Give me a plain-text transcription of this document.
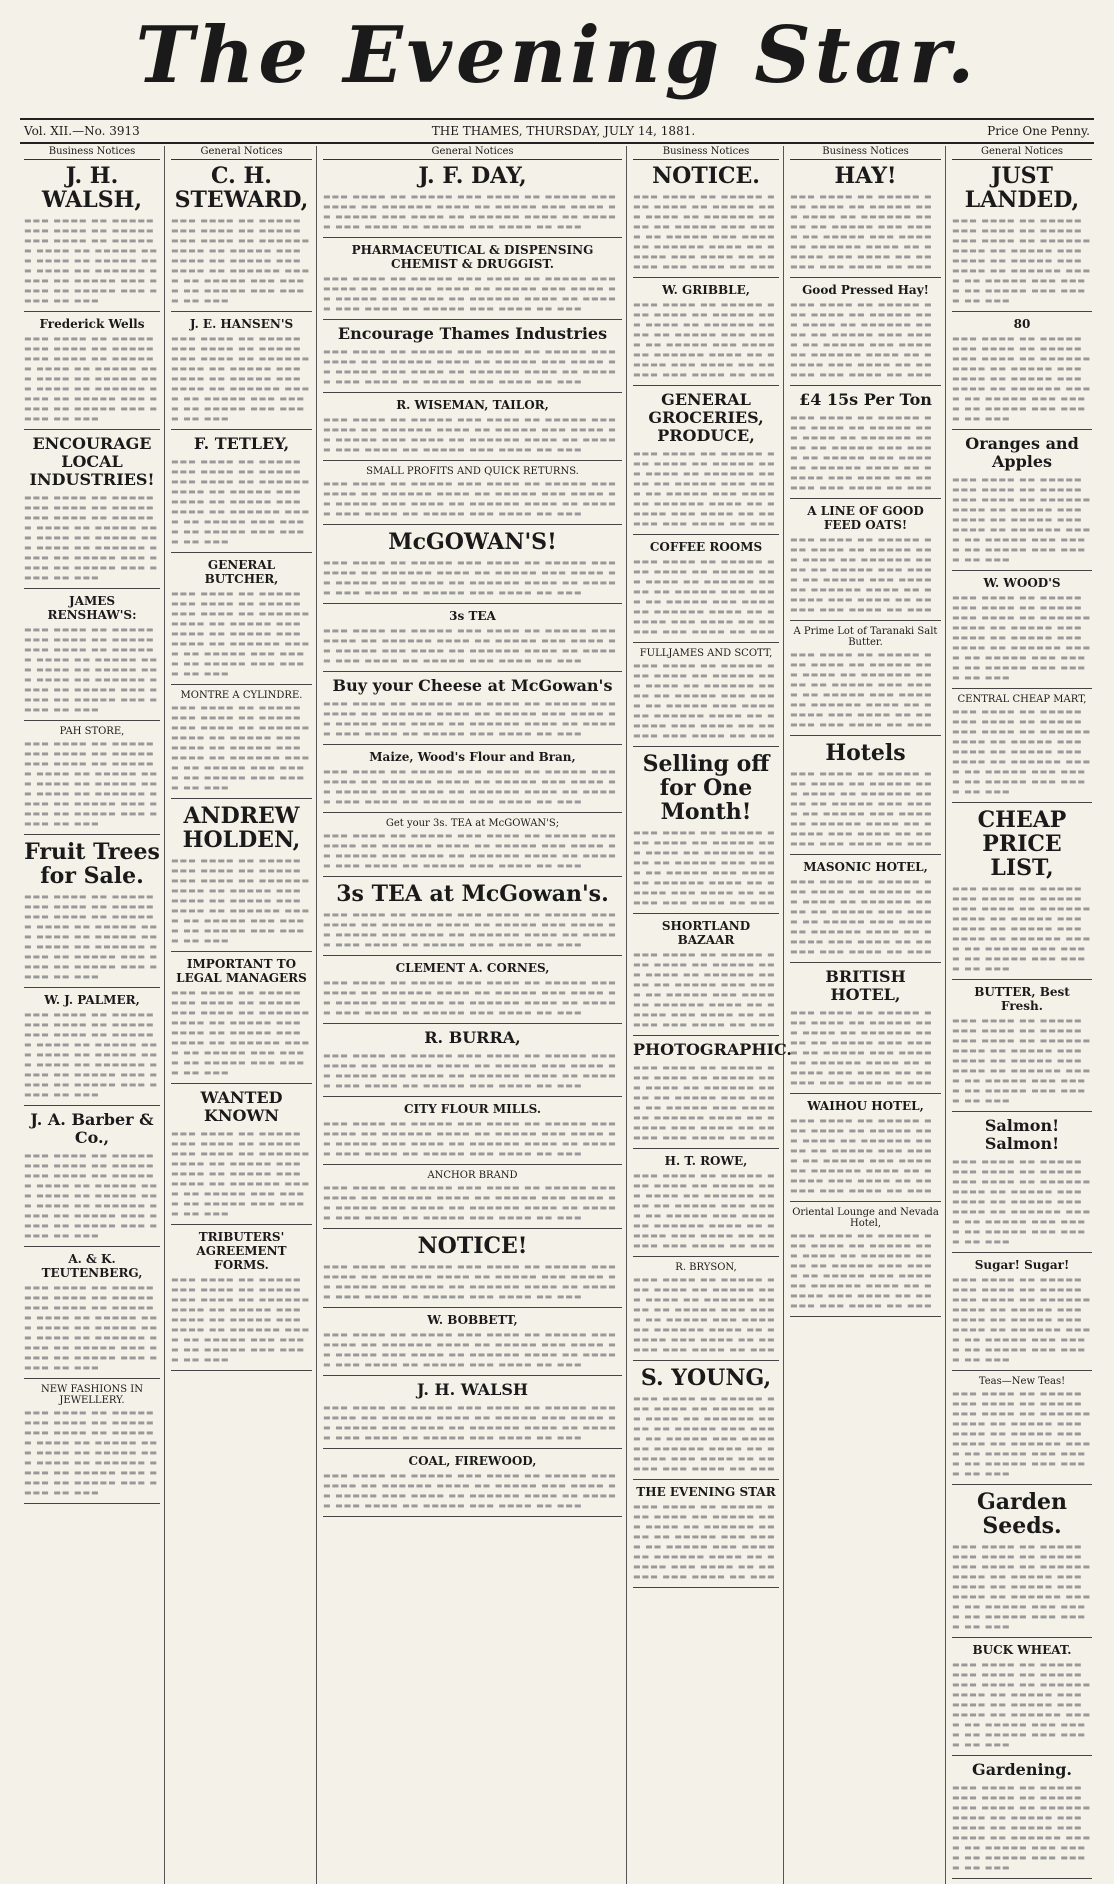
The Evening Star.
Vol. XII.—No. 3913	THE THAMES, THURSDAY, JULY 14, 1881.	Price One Penny.
Business Notices
J. H. WALSH,
▬▬▬ ▬▬▬▬ ▬▬ ▬▬▬▬▬ ▬▬▬ ▬▬▬▬ ▬▬ ▬▬▬▬▬ ▬▬▬ ▬▬▬▬ ▬▬ ▬▬▬▬▬▬ ▬▬▬▬ ▬▬ ▬▬▬▬▬ ▬▬▬ ▬▬▬▬ ▬▬ ▬▬▬▬▬ ▬▬▬ ▬▬▬▬ ▬▬ ▬▬▬▬▬▬ ▬▬▬▬ ▬▬ ▬▬▬▬▬ ▬▬▬ ▬▬▬▬ ▬▬ ▬▬▬▬▬ ▬▬▬ ▬▬▬▬ ▬▬ ▬▬▬
Frederick Wells
▬▬▬ ▬▬▬▬ ▬▬ ▬▬▬▬▬ ▬▬▬ ▬▬▬▬ ▬▬ ▬▬▬▬▬ ▬▬▬ ▬▬▬▬ ▬▬ ▬▬▬▬▬▬ ▬▬▬▬ ▬▬ ▬▬▬▬▬ ▬▬▬ ▬▬▬▬ ▬▬ ▬▬▬▬▬ ▬▬▬ ▬▬▬▬ ▬▬ ▬▬▬▬▬▬ ▬▬▬▬ ▬▬ ▬▬▬▬▬ ▬▬▬ ▬▬▬▬ ▬▬ ▬▬▬▬▬ ▬▬▬ ▬▬▬▬ ▬▬ ▬▬▬
ENCOURAGE LOCAL INDUSTRIES!
▬▬▬ ▬▬▬▬ ▬▬ ▬▬▬▬▬ ▬▬▬ ▬▬▬▬ ▬▬ ▬▬▬▬▬ ▬▬▬ ▬▬▬▬ ▬▬ ▬▬▬▬▬▬ ▬▬▬▬ ▬▬ ▬▬▬▬▬ ▬▬▬ ▬▬▬▬ ▬▬ ▬▬▬▬▬ ▬▬▬ ▬▬▬▬ ▬▬ ▬▬▬▬▬▬ ▬▬▬▬ ▬▬ ▬▬▬▬▬ ▬▬▬ ▬▬▬▬ ▬▬ ▬▬▬▬▬ ▬▬▬ ▬▬▬▬ ▬▬ ▬▬▬
JAMES RENSHAW'S:
▬▬▬ ▬▬▬▬ ▬▬ ▬▬▬▬▬ ▬▬▬ ▬▬▬▬ ▬▬ ▬▬▬▬▬ ▬▬▬ ▬▬▬▬ ▬▬ ▬▬▬▬▬▬ ▬▬▬▬ ▬▬ ▬▬▬▬▬ ▬▬▬ ▬▬▬▬ ▬▬ ▬▬▬▬▬ ▬▬▬ ▬▬▬▬ ▬▬ ▬▬▬▬▬▬ ▬▬▬▬ ▬▬ ▬▬▬▬▬ ▬▬▬ ▬▬▬▬ ▬▬ ▬▬▬▬▬ ▬▬▬ ▬▬▬▬ ▬▬ ▬▬▬
PAH STORE,
▬▬▬ ▬▬▬▬ ▬▬ ▬▬▬▬▬ ▬▬▬ ▬▬▬▬ ▬▬ ▬▬▬▬▬ ▬▬▬ ▬▬▬▬ ▬▬ ▬▬▬▬▬▬ ▬▬▬▬ ▬▬ ▬▬▬▬▬ ▬▬▬ ▬▬▬▬ ▬▬ ▬▬▬▬▬ ▬▬▬ ▬▬▬▬ ▬▬ ▬▬▬▬▬▬ ▬▬▬▬ ▬▬ ▬▬▬▬▬ ▬▬▬ ▬▬▬▬ ▬▬ ▬▬▬▬▬ ▬▬▬ ▬▬▬▬ ▬▬ ▬▬▬
Fruit Trees for Sale.
▬▬▬ ▬▬▬▬ ▬▬ ▬▬▬▬▬ ▬▬▬ ▬▬▬▬ ▬▬ ▬▬▬▬▬ ▬▬▬ ▬▬▬▬ ▬▬ ▬▬▬▬▬▬ ▬▬▬▬ ▬▬ ▬▬▬▬▬ ▬▬▬ ▬▬▬▬ ▬▬ ▬▬▬▬▬ ▬▬▬ ▬▬▬▬ ▬▬ ▬▬▬▬▬▬ ▬▬▬▬ ▬▬ ▬▬▬▬▬ ▬▬▬ ▬▬▬▬ ▬▬ ▬▬▬▬▬ ▬▬▬ ▬▬▬▬ ▬▬ ▬▬▬
W. J. PALMER,
▬▬▬ ▬▬▬▬ ▬▬ ▬▬▬▬▬ ▬▬▬ ▬▬▬▬ ▬▬ ▬▬▬▬▬ ▬▬▬ ▬▬▬▬ ▬▬ ▬▬▬▬▬▬ ▬▬▬▬ ▬▬ ▬▬▬▬▬ ▬▬▬ ▬▬▬▬ ▬▬ ▬▬▬▬▬ ▬▬▬ ▬▬▬▬ ▬▬ ▬▬▬▬▬▬ ▬▬▬▬ ▬▬ ▬▬▬▬▬ ▬▬▬ ▬▬▬▬ ▬▬ ▬▬▬▬▬ ▬▬▬ ▬▬▬▬ ▬▬ ▬▬▬
J. A. Barber & Co.,
▬▬▬ ▬▬▬▬ ▬▬ ▬▬▬▬▬ ▬▬▬ ▬▬▬▬ ▬▬ ▬▬▬▬▬ ▬▬▬ ▬▬▬▬ ▬▬ ▬▬▬▬▬▬ ▬▬▬▬ ▬▬ ▬▬▬▬▬ ▬▬▬ ▬▬▬▬ ▬▬ ▬▬▬▬▬ ▬▬▬ ▬▬▬▬ ▬▬ ▬▬▬▬▬▬ ▬▬▬▬ ▬▬ ▬▬▬▬▬ ▬▬▬ ▬▬▬▬ ▬▬ ▬▬▬▬▬ ▬▬▬ ▬▬▬▬ ▬▬ ▬▬▬
A. & K. TEUTENBERG,
▬▬▬ ▬▬▬▬ ▬▬ ▬▬▬▬▬ ▬▬▬ ▬▬▬▬ ▬▬ ▬▬▬▬▬ ▬▬▬ ▬▬▬▬ ▬▬ ▬▬▬▬▬▬ ▬▬▬▬ ▬▬ ▬▬▬▬▬ ▬▬▬ ▬▬▬▬ ▬▬ ▬▬▬▬▬ ▬▬▬ ▬▬▬▬ ▬▬ ▬▬▬▬▬▬ ▬▬▬▬ ▬▬ ▬▬▬▬▬ ▬▬▬ ▬▬▬▬ ▬▬ ▬▬▬▬▬ ▬▬▬ ▬▬▬▬ ▬▬ ▬▬▬
NEW FASHIONS IN JEWELLERY.
▬▬▬ ▬▬▬▬ ▬▬ ▬▬▬▬▬ ▬▬▬ ▬▬▬▬ ▬▬ ▬▬▬▬▬ ▬▬▬ ▬▬▬▬ ▬▬ ▬▬▬▬▬▬ ▬▬▬▬ ▬▬ ▬▬▬▬▬ ▬▬▬ ▬▬▬▬ ▬▬ ▬▬▬▬▬ ▬▬▬ ▬▬▬▬ ▬▬ ▬▬▬▬▬▬ ▬▬▬▬ ▬▬ ▬▬▬▬▬ ▬▬▬ ▬▬▬▬ ▬▬ ▬▬▬▬▬ ▬▬▬ ▬▬▬▬ ▬▬ ▬▬▬
General Notices
C. H. STEWARD,
▬▬▬ ▬▬▬▬ ▬▬ ▬▬▬▬▬ ▬▬▬ ▬▬▬▬ ▬▬ ▬▬▬▬▬ ▬▬▬ ▬▬▬▬ ▬▬ ▬▬▬▬▬▬ ▬▬▬▬ ▬▬ ▬▬▬▬▬ ▬▬▬ ▬▬▬▬ ▬▬ ▬▬▬▬▬ ▬▬▬ ▬▬▬▬ ▬▬ ▬▬▬▬▬▬ ▬▬▬▬ ▬▬ ▬▬▬▬▬ ▬▬▬ ▬▬▬▬ ▬▬ ▬▬▬▬▬ ▬▬▬ ▬▬▬▬ ▬▬ ▬▬▬
J. E. HANSEN'S
▬▬▬ ▬▬▬▬ ▬▬ ▬▬▬▬▬ ▬▬▬ ▬▬▬▬ ▬▬ ▬▬▬▬▬ ▬▬▬ ▬▬▬▬ ▬▬ ▬▬▬▬▬▬ ▬▬▬▬ ▬▬ ▬▬▬▬▬ ▬▬▬ ▬▬▬▬ ▬▬ ▬▬▬▬▬ ▬▬▬ ▬▬▬▬ ▬▬ ▬▬▬▬▬▬ ▬▬▬▬ ▬▬ ▬▬▬▬▬ ▬▬▬ ▬▬▬▬ ▬▬ ▬▬▬▬▬ ▬▬▬ ▬▬▬▬ ▬▬ ▬▬▬
F. TETLEY,
▬▬▬ ▬▬▬▬ ▬▬ ▬▬▬▬▬ ▬▬▬ ▬▬▬▬ ▬▬ ▬▬▬▬▬ ▬▬▬ ▬▬▬▬ ▬▬ ▬▬▬▬▬▬ ▬▬▬▬ ▬▬ ▬▬▬▬▬ ▬▬▬ ▬▬▬▬ ▬▬ ▬▬▬▬▬ ▬▬▬ ▬▬▬▬ ▬▬ ▬▬▬▬▬▬ ▬▬▬▬ ▬▬ ▬▬▬▬▬ ▬▬▬ ▬▬▬▬ ▬▬ ▬▬▬▬▬ ▬▬▬ ▬▬▬▬ ▬▬ ▬▬▬
GENERAL BUTCHER,
▬▬▬ ▬▬▬▬ ▬▬ ▬▬▬▬▬ ▬▬▬ ▬▬▬▬ ▬▬ ▬▬▬▬▬ ▬▬▬ ▬▬▬▬ ▬▬ ▬▬▬▬▬▬ ▬▬▬▬ ▬▬ ▬▬▬▬▬ ▬▬▬ ▬▬▬▬ ▬▬ ▬▬▬▬▬ ▬▬▬ ▬▬▬▬ ▬▬ ▬▬▬▬▬▬ ▬▬▬▬ ▬▬ ▬▬▬▬▬ ▬▬▬ ▬▬▬▬ ▬▬ ▬▬▬▬▬ ▬▬▬ ▬▬▬▬ ▬▬ ▬▬▬
MONTRE A CYLINDRE.
▬▬▬ ▬▬▬▬ ▬▬ ▬▬▬▬▬ ▬▬▬ ▬▬▬▬ ▬▬ ▬▬▬▬▬ ▬▬▬ ▬▬▬▬ ▬▬ ▬▬▬▬▬▬ ▬▬▬▬ ▬▬ ▬▬▬▬▬ ▬▬▬ ▬▬▬▬ ▬▬ ▬▬▬▬▬ ▬▬▬ ▬▬▬▬ ▬▬ ▬▬▬▬▬▬ ▬▬▬▬ ▬▬ ▬▬▬▬▬ ▬▬▬ ▬▬▬▬ ▬▬ ▬▬▬▬▬ ▬▬▬ ▬▬▬▬ ▬▬ ▬▬▬
ANDREW HOLDEN,
▬▬▬ ▬▬▬▬ ▬▬ ▬▬▬▬▬ ▬▬▬ ▬▬▬▬ ▬▬ ▬▬▬▬▬ ▬▬▬ ▬▬▬▬ ▬▬ ▬▬▬▬▬▬ ▬▬▬▬ ▬▬ ▬▬▬▬▬ ▬▬▬ ▬▬▬▬ ▬▬ ▬▬▬▬▬ ▬▬▬ ▬▬▬▬ ▬▬ ▬▬▬▬▬▬ ▬▬▬▬ ▬▬ ▬▬▬▬▬ ▬▬▬ ▬▬▬▬ ▬▬ ▬▬▬▬▬ ▬▬▬ ▬▬▬▬ ▬▬ ▬▬▬
IMPORTANT TO LEGAL MANAGERS
▬▬▬ ▬▬▬▬ ▬▬ ▬▬▬▬▬ ▬▬▬ ▬▬▬▬ ▬▬ ▬▬▬▬▬ ▬▬▬ ▬▬▬▬ ▬▬ ▬▬▬▬▬▬ ▬▬▬▬ ▬▬ ▬▬▬▬▬ ▬▬▬ ▬▬▬▬ ▬▬ ▬▬▬▬▬ ▬▬▬ ▬▬▬▬ ▬▬ ▬▬▬▬▬▬ ▬▬▬▬ ▬▬ ▬▬▬▬▬ ▬▬▬ ▬▬▬▬ ▬▬ ▬▬▬▬▬ ▬▬▬ ▬▬▬▬ ▬▬ ▬▬▬
WANTED KNOWN
▬▬▬ ▬▬▬▬ ▬▬ ▬▬▬▬▬ ▬▬▬ ▬▬▬▬ ▬▬ ▬▬▬▬▬ ▬▬▬ ▬▬▬▬ ▬▬ ▬▬▬▬▬▬ ▬▬▬▬ ▬▬ ▬▬▬▬▬ ▬▬▬ ▬▬▬▬ ▬▬ ▬▬▬▬▬ ▬▬▬ ▬▬▬▬ ▬▬ ▬▬▬▬▬▬ ▬▬▬▬ ▬▬ ▬▬▬▬▬ ▬▬▬ ▬▬▬▬ ▬▬ ▬▬▬▬▬ ▬▬▬ ▬▬▬▬ ▬▬ ▬▬▬
TRIBUTERS' AGREEMENT FORMS.
▬▬▬ ▬▬▬▬ ▬▬ ▬▬▬▬▬ ▬▬▬ ▬▬▬▬ ▬▬ ▬▬▬▬▬ ▬▬▬ ▬▬▬▬ ▬▬ ▬▬▬▬▬▬ ▬▬▬▬ ▬▬ ▬▬▬▬▬ ▬▬▬ ▬▬▬▬ ▬▬ ▬▬▬▬▬ ▬▬▬ ▬▬▬▬ ▬▬ ▬▬▬▬▬▬ ▬▬▬▬ ▬▬ ▬▬▬▬▬ ▬▬▬ ▬▬▬▬ ▬▬ ▬▬▬▬▬ ▬▬▬ ▬▬▬▬ ▬▬ ▬▬▬
General Notices
J. F. DAY,
▬▬▬ ▬▬▬▬ ▬▬ ▬▬▬▬▬ ▬▬▬ ▬▬▬▬ ▬▬ ▬▬▬▬▬ ▬▬▬ ▬▬▬▬ ▬▬ ▬▬▬▬▬▬ ▬▬▬▬ ▬▬ ▬▬▬▬▬ ▬▬▬ ▬▬▬▬ ▬▬ ▬▬▬▬▬ ▬▬▬ ▬▬▬▬ ▬▬ ▬▬▬▬▬▬ ▬▬▬▬ ▬▬ ▬▬▬▬▬ ▬▬▬ ▬▬▬▬ ▬▬ ▬▬▬▬▬ ▬▬▬ ▬▬▬▬ ▬▬ ▬▬▬
PHARMACEUTICAL & DISPENSING CHEMIST & DRUGGIST.
▬▬▬ ▬▬▬▬ ▬▬ ▬▬▬▬▬ ▬▬▬ ▬▬▬▬ ▬▬ ▬▬▬▬▬ ▬▬▬ ▬▬▬▬ ▬▬ ▬▬▬▬▬▬ ▬▬▬▬ ▬▬ ▬▬▬▬▬ ▬▬▬ ▬▬▬▬ ▬▬ ▬▬▬▬▬ ▬▬▬ ▬▬▬▬ ▬▬ ▬▬▬▬▬▬ ▬▬▬▬ ▬▬ ▬▬▬▬▬ ▬▬▬ ▬▬▬▬ ▬▬ ▬▬▬▬▬ ▬▬▬ ▬▬▬▬ ▬▬ ▬▬▬
Encourage Thames Industries
▬▬▬ ▬▬▬▬ ▬▬ ▬▬▬▬▬ ▬▬▬ ▬▬▬▬ ▬▬ ▬▬▬▬▬ ▬▬▬ ▬▬▬▬ ▬▬ ▬▬▬▬▬▬ ▬▬▬▬ ▬▬ ▬▬▬▬▬ ▬▬▬ ▬▬▬▬ ▬▬ ▬▬▬▬▬ ▬▬▬ ▬▬▬▬ ▬▬ ▬▬▬▬▬▬ ▬▬▬▬ ▬▬ ▬▬▬▬▬ ▬▬▬ ▬▬▬▬ ▬▬ ▬▬▬▬▬ ▬▬▬ ▬▬▬▬ ▬▬ ▬▬▬
R. WISEMAN, TAILOR,
▬▬▬ ▬▬▬▬ ▬▬ ▬▬▬▬▬ ▬▬▬ ▬▬▬▬ ▬▬ ▬▬▬▬▬ ▬▬▬ ▬▬▬▬ ▬▬ ▬▬▬▬▬▬ ▬▬▬▬ ▬▬ ▬▬▬▬▬ ▬▬▬ ▬▬▬▬ ▬▬ ▬▬▬▬▬ ▬▬▬ ▬▬▬▬ ▬▬ ▬▬▬▬▬▬ ▬▬▬▬ ▬▬ ▬▬▬▬▬ ▬▬▬ ▬▬▬▬ ▬▬ ▬▬▬▬▬ ▬▬▬ ▬▬▬▬ ▬▬ ▬▬▬
SMALL PROFITS AND QUICK RETURNS.
▬▬▬ ▬▬▬▬ ▬▬ ▬▬▬▬▬ ▬▬▬ ▬▬▬▬ ▬▬ ▬▬▬▬▬ ▬▬▬ ▬▬▬▬ ▬▬ ▬▬▬▬▬▬ ▬▬▬▬ ▬▬ ▬▬▬▬▬ ▬▬▬ ▬▬▬▬ ▬▬ ▬▬▬▬▬ ▬▬▬ ▬▬▬▬ ▬▬ ▬▬▬▬▬▬ ▬▬▬▬ ▬▬ ▬▬▬▬▬ ▬▬▬ ▬▬▬▬ ▬▬ ▬▬▬▬▬ ▬▬▬ ▬▬▬▬ ▬▬ ▬▬▬
McGOWAN'S!
▬▬▬ ▬▬▬▬ ▬▬ ▬▬▬▬▬ ▬▬▬ ▬▬▬▬ ▬▬ ▬▬▬▬▬ ▬▬▬ ▬▬▬▬ ▬▬ ▬▬▬▬▬▬ ▬▬▬▬ ▬▬ ▬▬▬▬▬ ▬▬▬ ▬▬▬▬ ▬▬ ▬▬▬▬▬ ▬▬▬ ▬▬▬▬ ▬▬ ▬▬▬▬▬▬ ▬▬▬▬ ▬▬ ▬▬▬▬▬ ▬▬▬ ▬▬▬▬ ▬▬ ▬▬▬▬▬ ▬▬▬ ▬▬▬▬ ▬▬ ▬▬▬
3s TEA
▬▬▬ ▬▬▬▬ ▬▬ ▬▬▬▬▬ ▬▬▬ ▬▬▬▬ ▬▬ ▬▬▬▬▬ ▬▬▬ ▬▬▬▬ ▬▬ ▬▬▬▬▬▬ ▬▬▬▬ ▬▬ ▬▬▬▬▬ ▬▬▬ ▬▬▬▬ ▬▬ ▬▬▬▬▬ ▬▬▬ ▬▬▬▬ ▬▬ ▬▬▬▬▬▬ ▬▬▬▬ ▬▬ ▬▬▬▬▬ ▬▬▬ ▬▬▬▬ ▬▬ ▬▬▬▬▬ ▬▬▬ ▬▬▬▬ ▬▬ ▬▬▬
Buy your Cheese at McGowan's
▬▬▬ ▬▬▬▬ ▬▬ ▬▬▬▬▬ ▬▬▬ ▬▬▬▬ ▬▬ ▬▬▬▬▬ ▬▬▬ ▬▬▬▬ ▬▬ ▬▬▬▬▬▬ ▬▬▬▬ ▬▬ ▬▬▬▬▬ ▬▬▬ ▬▬▬▬ ▬▬ ▬▬▬▬▬ ▬▬▬ ▬▬▬▬ ▬▬ ▬▬▬▬▬▬ ▬▬▬▬ ▬▬ ▬▬▬▬▬ ▬▬▬ ▬▬▬▬ ▬▬ ▬▬▬▬▬ ▬▬▬ ▬▬▬▬ ▬▬ ▬▬▬
Maize, Wood's Flour and Bran,
▬▬▬ ▬▬▬▬ ▬▬ ▬▬▬▬▬ ▬▬▬ ▬▬▬▬ ▬▬ ▬▬▬▬▬ ▬▬▬ ▬▬▬▬ ▬▬ ▬▬▬▬▬▬ ▬▬▬▬ ▬▬ ▬▬▬▬▬ ▬▬▬ ▬▬▬▬ ▬▬ ▬▬▬▬▬ ▬▬▬ ▬▬▬▬ ▬▬ ▬▬▬▬▬▬ ▬▬▬▬ ▬▬ ▬▬▬▬▬ ▬▬▬ ▬▬▬▬ ▬▬ ▬▬▬▬▬ ▬▬▬ ▬▬▬▬ ▬▬ ▬▬▬
Get your 3s. TEA at McGOWAN'S;
▬▬▬ ▬▬▬▬ ▬▬ ▬▬▬▬▬ ▬▬▬ ▬▬▬▬ ▬▬ ▬▬▬▬▬ ▬▬▬ ▬▬▬▬ ▬▬ ▬▬▬▬▬▬ ▬▬▬▬ ▬▬ ▬▬▬▬▬ ▬▬▬ ▬▬▬▬ ▬▬ ▬▬▬▬▬ ▬▬▬ ▬▬▬▬ ▬▬ ▬▬▬▬▬▬ ▬▬▬▬ ▬▬ ▬▬▬▬▬ ▬▬▬ ▬▬▬▬ ▬▬ ▬▬▬▬▬ ▬▬▬ ▬▬▬▬ ▬▬ ▬▬▬
3s TEA at McGowan's.
▬▬▬ ▬▬▬▬ ▬▬ ▬▬▬▬▬ ▬▬▬ ▬▬▬▬ ▬▬ ▬▬▬▬▬ ▬▬▬ ▬▬▬▬ ▬▬ ▬▬▬▬▬▬ ▬▬▬▬ ▬▬ ▬▬▬▬▬ ▬▬▬ ▬▬▬▬ ▬▬ ▬▬▬▬▬ ▬▬▬ ▬▬▬▬ ▬▬ ▬▬▬▬▬▬ ▬▬▬▬ ▬▬ ▬▬▬▬▬ ▬▬▬ ▬▬▬▬ ▬▬ ▬▬▬▬▬ ▬▬▬ ▬▬▬▬ ▬▬ ▬▬▬
CLEMENT A. CORNES,
▬▬▬ ▬▬▬▬ ▬▬ ▬▬▬▬▬ ▬▬▬ ▬▬▬▬ ▬▬ ▬▬▬▬▬ ▬▬▬ ▬▬▬▬ ▬▬ ▬▬▬▬▬▬ ▬▬▬▬ ▬▬ ▬▬▬▬▬ ▬▬▬ ▬▬▬▬ ▬▬ ▬▬▬▬▬ ▬▬▬ ▬▬▬▬ ▬▬ ▬▬▬▬▬▬ ▬▬▬▬ ▬▬ ▬▬▬▬▬ ▬▬▬ ▬▬▬▬ ▬▬ ▬▬▬▬▬ ▬▬▬ ▬▬▬▬ ▬▬ ▬▬▬
R. BURRA,
▬▬▬ ▬▬▬▬ ▬▬ ▬▬▬▬▬ ▬▬▬ ▬▬▬▬ ▬▬ ▬▬▬▬▬ ▬▬▬ ▬▬▬▬ ▬▬ ▬▬▬▬▬▬ ▬▬▬▬ ▬▬ ▬▬▬▬▬ ▬▬▬ ▬▬▬▬ ▬▬ ▬▬▬▬▬ ▬▬▬ ▬▬▬▬ ▬▬ ▬▬▬▬▬▬ ▬▬▬▬ ▬▬ ▬▬▬▬▬ ▬▬▬ ▬▬▬▬ ▬▬ ▬▬▬▬▬ ▬▬▬ ▬▬▬▬ ▬▬ ▬▬▬
CITY FLOUR MILLS.
▬▬▬ ▬▬▬▬ ▬▬ ▬▬▬▬▬ ▬▬▬ ▬▬▬▬ ▬▬ ▬▬▬▬▬ ▬▬▬ ▬▬▬▬ ▬▬ ▬▬▬▬▬▬ ▬▬▬▬ ▬▬ ▬▬▬▬▬ ▬▬▬ ▬▬▬▬ ▬▬ ▬▬▬▬▬ ▬▬▬ ▬▬▬▬ ▬▬ ▬▬▬▬▬▬ ▬▬▬▬ ▬▬ ▬▬▬▬▬ ▬▬▬ ▬▬▬▬ ▬▬ ▬▬▬▬▬ ▬▬▬ ▬▬▬▬ ▬▬ ▬▬▬
ANCHOR BRAND
▬▬▬ ▬▬▬▬ ▬▬ ▬▬▬▬▬ ▬▬▬ ▬▬▬▬ ▬▬ ▬▬▬▬▬ ▬▬▬ ▬▬▬▬ ▬▬ ▬▬▬▬▬▬ ▬▬▬▬ ▬▬ ▬▬▬▬▬ ▬▬▬ ▬▬▬▬ ▬▬ ▬▬▬▬▬ ▬▬▬ ▬▬▬▬ ▬▬ ▬▬▬▬▬▬ ▬▬▬▬ ▬▬ ▬▬▬▬▬ ▬▬▬ ▬▬▬▬ ▬▬ ▬▬▬▬▬ ▬▬▬ ▬▬▬▬ ▬▬ ▬▬▬
NOTICE!
▬▬▬ ▬▬▬▬ ▬▬ ▬▬▬▬▬ ▬▬▬ ▬▬▬▬ ▬▬ ▬▬▬▬▬ ▬▬▬ ▬▬▬▬ ▬▬ ▬▬▬▬▬▬ ▬▬▬▬ ▬▬ ▬▬▬▬▬ ▬▬▬ ▬▬▬▬ ▬▬ ▬▬▬▬▬ ▬▬▬ ▬▬▬▬ ▬▬ ▬▬▬▬▬▬ ▬▬▬▬ ▬▬ ▬▬▬▬▬ ▬▬▬ ▬▬▬▬ ▬▬ ▬▬▬▬▬ ▬▬▬ ▬▬▬▬ ▬▬ ▬▬▬
W. BOBBETT,
▬▬▬ ▬▬▬▬ ▬▬ ▬▬▬▬▬ ▬▬▬ ▬▬▬▬ ▬▬ ▬▬▬▬▬ ▬▬▬ ▬▬▬▬ ▬▬ ▬▬▬▬▬▬ ▬▬▬▬ ▬▬ ▬▬▬▬▬ ▬▬▬ ▬▬▬▬ ▬▬ ▬▬▬▬▬ ▬▬▬ ▬▬▬▬ ▬▬ ▬▬▬▬▬▬ ▬▬▬▬ ▬▬ ▬▬▬▬▬ ▬▬▬ ▬▬▬▬ ▬▬ ▬▬▬▬▬ ▬▬▬ ▬▬▬▬ ▬▬ ▬▬▬
J. H. WALSH
▬▬▬ ▬▬▬▬ ▬▬ ▬▬▬▬▬ ▬▬▬ ▬▬▬▬ ▬▬ ▬▬▬▬▬ ▬▬▬ ▬▬▬▬ ▬▬ ▬▬▬▬▬▬ ▬▬▬▬ ▬▬ ▬▬▬▬▬ ▬▬▬ ▬▬▬▬ ▬▬ ▬▬▬▬▬ ▬▬▬ ▬▬▬▬ ▬▬ ▬▬▬▬▬▬ ▬▬▬▬ ▬▬ ▬▬▬▬▬ ▬▬▬ ▬▬▬▬ ▬▬ ▬▬▬▬▬ ▬▬▬ ▬▬▬▬ ▬▬ ▬▬▬
COAL, FIREWOOD,
▬▬▬ ▬▬▬▬ ▬▬ ▬▬▬▬▬ ▬▬▬ ▬▬▬▬ ▬▬ ▬▬▬▬▬ ▬▬▬ ▬▬▬▬ ▬▬ ▬▬▬▬▬▬ ▬▬▬▬ ▬▬ ▬▬▬▬▬ ▬▬▬ ▬▬▬▬ ▬▬ ▬▬▬▬▬ ▬▬▬ ▬▬▬▬ ▬▬ ▬▬▬▬▬▬ ▬▬▬▬ ▬▬ ▬▬▬▬▬ ▬▬▬ ▬▬▬▬ ▬▬ ▬▬▬▬▬ ▬▬▬ ▬▬▬▬ ▬▬ ▬▬▬
Business Notices
NOTICE.
▬▬▬ ▬▬▬▬ ▬▬ ▬▬▬▬▬ ▬▬▬ ▬▬▬▬ ▬▬ ▬▬▬▬▬ ▬▬▬ ▬▬▬▬ ▬▬ ▬▬▬▬▬▬ ▬▬▬▬ ▬▬ ▬▬▬▬▬ ▬▬▬ ▬▬▬▬ ▬▬ ▬▬▬▬▬ ▬▬▬ ▬▬▬▬ ▬▬ ▬▬▬▬▬▬ ▬▬▬▬ ▬▬ ▬▬▬▬▬ ▬▬▬ ▬▬▬▬ ▬▬ ▬▬▬▬▬ ▬▬▬ ▬▬▬▬ ▬▬ ▬▬▬
W. GRIBBLE,
▬▬▬ ▬▬▬▬ ▬▬ ▬▬▬▬▬ ▬▬▬ ▬▬▬▬ ▬▬ ▬▬▬▬▬ ▬▬▬ ▬▬▬▬ ▬▬ ▬▬▬▬▬▬ ▬▬▬▬ ▬▬ ▬▬▬▬▬ ▬▬▬ ▬▬▬▬ ▬▬ ▬▬▬▬▬ ▬▬▬ ▬▬▬▬ ▬▬ ▬▬▬▬▬▬ ▬▬▬▬ ▬▬ ▬▬▬▬▬ ▬▬▬ ▬▬▬▬ ▬▬ ▬▬▬▬▬ ▬▬▬ ▬▬▬▬ ▬▬ ▬▬▬
GENERAL GROCERIES, PRODUCE,
▬▬▬ ▬▬▬▬ ▬▬ ▬▬▬▬▬ ▬▬▬ ▬▬▬▬ ▬▬ ▬▬▬▬▬ ▬▬▬ ▬▬▬▬ ▬▬ ▬▬▬▬▬▬ ▬▬▬▬ ▬▬ ▬▬▬▬▬ ▬▬▬ ▬▬▬▬ ▬▬ ▬▬▬▬▬ ▬▬▬ ▬▬▬▬ ▬▬ ▬▬▬▬▬▬ ▬▬▬▬ ▬▬ ▬▬▬▬▬ ▬▬▬ ▬▬▬▬ ▬▬ ▬▬▬▬▬ ▬▬▬ ▬▬▬▬ ▬▬ ▬▬▬
COFFEE ROOMS
▬▬▬ ▬▬▬▬ ▬▬ ▬▬▬▬▬ ▬▬▬ ▬▬▬▬ ▬▬ ▬▬▬▬▬ ▬▬▬ ▬▬▬▬ ▬▬ ▬▬▬▬▬▬ ▬▬▬▬ ▬▬ ▬▬▬▬▬ ▬▬▬ ▬▬▬▬ ▬▬ ▬▬▬▬▬ ▬▬▬ ▬▬▬▬ ▬▬ ▬▬▬▬▬▬ ▬▬▬▬ ▬▬ ▬▬▬▬▬ ▬▬▬ ▬▬▬▬ ▬▬ ▬▬▬▬▬ ▬▬▬ ▬▬▬▬ ▬▬ ▬▬▬
FULLJAMES AND SCOTT,
▬▬▬ ▬▬▬▬ ▬▬ ▬▬▬▬▬ ▬▬▬ ▬▬▬▬ ▬▬ ▬▬▬▬▬ ▬▬▬ ▬▬▬▬ ▬▬ ▬▬▬▬▬▬ ▬▬▬▬ ▬▬ ▬▬▬▬▬ ▬▬▬ ▬▬▬▬ ▬▬ ▬▬▬▬▬ ▬▬▬ ▬▬▬▬ ▬▬ ▬▬▬▬▬▬ ▬▬▬▬ ▬▬ ▬▬▬▬▬ ▬▬▬ ▬▬▬▬ ▬▬ ▬▬▬▬▬ ▬▬▬ ▬▬▬▬ ▬▬ ▬▬▬
Selling off for One Month!
▬▬▬ ▬▬▬▬ ▬▬ ▬▬▬▬▬ ▬▬▬ ▬▬▬▬ ▬▬ ▬▬▬▬▬ ▬▬▬ ▬▬▬▬ ▬▬ ▬▬▬▬▬▬ ▬▬▬▬ ▬▬ ▬▬▬▬▬ ▬▬▬ ▬▬▬▬ ▬▬ ▬▬▬▬▬ ▬▬▬ ▬▬▬▬ ▬▬ ▬▬▬▬▬▬ ▬▬▬▬ ▬▬ ▬▬▬▬▬ ▬▬▬ ▬▬▬▬ ▬▬ ▬▬▬▬▬ ▬▬▬ ▬▬▬▬ ▬▬ ▬▬▬
SHORTLAND BAZAAR
▬▬▬ ▬▬▬▬ ▬▬ ▬▬▬▬▬ ▬▬▬ ▬▬▬▬ ▬▬ ▬▬▬▬▬ ▬▬▬ ▬▬▬▬ ▬▬ ▬▬▬▬▬▬ ▬▬▬▬ ▬▬ ▬▬▬▬▬ ▬▬▬ ▬▬▬▬ ▬▬ ▬▬▬▬▬ ▬▬▬ ▬▬▬▬ ▬▬ ▬▬▬▬▬▬ ▬▬▬▬ ▬▬ ▬▬▬▬▬ ▬▬▬ ▬▬▬▬ ▬▬ ▬▬▬▬▬ ▬▬▬ ▬▬▬▬ ▬▬ ▬▬▬
PHOTOGRAPHIC.
▬▬▬ ▬▬▬▬ ▬▬ ▬▬▬▬▬ ▬▬▬ ▬▬▬▬ ▬▬ ▬▬▬▬▬ ▬▬▬ ▬▬▬▬ ▬▬ ▬▬▬▬▬▬ ▬▬▬▬ ▬▬ ▬▬▬▬▬ ▬▬▬ ▬▬▬▬ ▬▬ ▬▬▬▬▬ ▬▬▬ ▬▬▬▬ ▬▬ ▬▬▬▬▬▬ ▬▬▬▬ ▬▬ ▬▬▬▬▬ ▬▬▬ ▬▬▬▬ ▬▬ ▬▬▬▬▬ ▬▬▬ ▬▬▬▬ ▬▬ ▬▬▬
H. T. ROWE,
▬▬▬ ▬▬▬▬ ▬▬ ▬▬▬▬▬ ▬▬▬ ▬▬▬▬ ▬▬ ▬▬▬▬▬ ▬▬▬ ▬▬▬▬ ▬▬ ▬▬▬▬▬▬ ▬▬▬▬ ▬▬ ▬▬▬▬▬ ▬▬▬ ▬▬▬▬ ▬▬ ▬▬▬▬▬ ▬▬▬ ▬▬▬▬ ▬▬ ▬▬▬▬▬▬ ▬▬▬▬ ▬▬ ▬▬▬▬▬ ▬▬▬ ▬▬▬▬ ▬▬ ▬▬▬▬▬ ▬▬▬ ▬▬▬▬ ▬▬ ▬▬▬
R. BRYSON,
▬▬▬ ▬▬▬▬ ▬▬ ▬▬▬▬▬ ▬▬▬ ▬▬▬▬ ▬▬ ▬▬▬▬▬ ▬▬▬ ▬▬▬▬ ▬▬ ▬▬▬▬▬▬ ▬▬▬▬ ▬▬ ▬▬▬▬▬ ▬▬▬ ▬▬▬▬ ▬▬ ▬▬▬▬▬ ▬▬▬ ▬▬▬▬ ▬▬ ▬▬▬▬▬▬ ▬▬▬▬ ▬▬ ▬▬▬▬▬ ▬▬▬ ▬▬▬▬ ▬▬ ▬▬▬▬▬ ▬▬▬ ▬▬▬▬ ▬▬ ▬▬▬
S. YOUNG,
▬▬▬ ▬▬▬▬ ▬▬ ▬▬▬▬▬ ▬▬▬ ▬▬▬▬ ▬▬ ▬▬▬▬▬ ▬▬▬ ▬▬▬▬ ▬▬ ▬▬▬▬▬▬ ▬▬▬▬ ▬▬ ▬▬▬▬▬ ▬▬▬ ▬▬▬▬ ▬▬ ▬▬▬▬▬ ▬▬▬ ▬▬▬▬ ▬▬ ▬▬▬▬▬▬ ▬▬▬▬ ▬▬ ▬▬▬▬▬ ▬▬▬ ▬▬▬▬ ▬▬ ▬▬▬▬▬ ▬▬▬ ▬▬▬▬ ▬▬ ▬▬▬
THE EVENING STAR
▬▬▬ ▬▬▬▬ ▬▬ ▬▬▬▬▬ ▬▬▬ ▬▬▬▬ ▬▬ ▬▬▬▬▬ ▬▬▬ ▬▬▬▬ ▬▬ ▬▬▬▬▬▬ ▬▬▬▬ ▬▬ ▬▬▬▬▬ ▬▬▬ ▬▬▬▬ ▬▬ ▬▬▬▬▬ ▬▬▬ ▬▬▬▬ ▬▬ ▬▬▬▬▬▬ ▬▬▬▬ ▬▬ ▬▬▬▬▬ ▬▬▬ ▬▬▬▬ ▬▬ ▬▬▬▬▬ ▬▬▬ ▬▬▬▬ ▬▬ ▬▬▬
Business Notices
HAY!
▬▬▬ ▬▬▬▬ ▬▬ ▬▬▬▬▬ ▬▬▬ ▬▬▬▬ ▬▬ ▬▬▬▬▬ ▬▬▬ ▬▬▬▬ ▬▬ ▬▬▬▬▬▬ ▬▬▬▬ ▬▬ ▬▬▬▬▬ ▬▬▬ ▬▬▬▬ ▬▬ ▬▬▬▬▬ ▬▬▬ ▬▬▬▬ ▬▬ ▬▬▬▬▬▬ ▬▬▬▬ ▬▬ ▬▬▬▬▬ ▬▬▬ ▬▬▬▬ ▬▬ ▬▬▬▬▬ ▬▬▬ ▬▬▬▬ ▬▬ ▬▬▬
Good Pressed Hay!
▬▬▬ ▬▬▬▬ ▬▬ ▬▬▬▬▬ ▬▬▬ ▬▬▬▬ ▬▬ ▬▬▬▬▬ ▬▬▬ ▬▬▬▬ ▬▬ ▬▬▬▬▬▬ ▬▬▬▬ ▬▬ ▬▬▬▬▬ ▬▬▬ ▬▬▬▬ ▬▬ ▬▬▬▬▬ ▬▬▬ ▬▬▬▬ ▬▬ ▬▬▬▬▬▬ ▬▬▬▬ ▬▬ ▬▬▬▬▬ ▬▬▬ ▬▬▬▬ ▬▬ ▬▬▬▬▬ ▬▬▬ ▬▬▬▬ ▬▬ ▬▬▬
£4 15s Per Ton
▬▬▬ ▬▬▬▬ ▬▬ ▬▬▬▬▬ ▬▬▬ ▬▬▬▬ ▬▬ ▬▬▬▬▬ ▬▬▬ ▬▬▬▬ ▬▬ ▬▬▬▬▬▬ ▬▬▬▬ ▬▬ ▬▬▬▬▬ ▬▬▬ ▬▬▬▬ ▬▬ ▬▬▬▬▬ ▬▬▬ ▬▬▬▬ ▬▬ ▬▬▬▬▬▬ ▬▬▬▬ ▬▬ ▬▬▬▬▬ ▬▬▬ ▬▬▬▬ ▬▬ ▬▬▬▬▬ ▬▬▬ ▬▬▬▬ ▬▬ ▬▬▬
A LINE OF GOOD FEED OATS!
▬▬▬ ▬▬▬▬ ▬▬ ▬▬▬▬▬ ▬▬▬ ▬▬▬▬ ▬▬ ▬▬▬▬▬ ▬▬▬ ▬▬▬▬ ▬▬ ▬▬▬▬▬▬ ▬▬▬▬ ▬▬ ▬▬▬▬▬ ▬▬▬ ▬▬▬▬ ▬▬ ▬▬▬▬▬ ▬▬▬ ▬▬▬▬ ▬▬ ▬▬▬▬▬▬ ▬▬▬▬ ▬▬ ▬▬▬▬▬ ▬▬▬ ▬▬▬▬ ▬▬ ▬▬▬▬▬ ▬▬▬ ▬▬▬▬ ▬▬ ▬▬▬
A Prime Lot of Taranaki Salt Butter.
▬▬▬ ▬▬▬▬ ▬▬ ▬▬▬▬▬ ▬▬▬ ▬▬▬▬ ▬▬ ▬▬▬▬▬ ▬▬▬ ▬▬▬▬ ▬▬ ▬▬▬▬▬▬ ▬▬▬▬ ▬▬ ▬▬▬▬▬ ▬▬▬ ▬▬▬▬ ▬▬ ▬▬▬▬▬ ▬▬▬ ▬▬▬▬ ▬▬ ▬▬▬▬▬▬ ▬▬▬▬ ▬▬ ▬▬▬▬▬ ▬▬▬ ▬▬▬▬ ▬▬ ▬▬▬▬▬ ▬▬▬ ▬▬▬▬ ▬▬ ▬▬▬
Hotels
▬▬▬ ▬▬▬▬ ▬▬ ▬▬▬▬▬ ▬▬▬ ▬▬▬▬ ▬▬ ▬▬▬▬▬ ▬▬▬ ▬▬▬▬ ▬▬ ▬▬▬▬▬▬ ▬▬▬▬ ▬▬ ▬▬▬▬▬ ▬▬▬ ▬▬▬▬ ▬▬ ▬▬▬▬▬ ▬▬▬ ▬▬▬▬ ▬▬ ▬▬▬▬▬▬ ▬▬▬▬ ▬▬ ▬▬▬▬▬ ▬▬▬ ▬▬▬▬ ▬▬ ▬▬▬▬▬ ▬▬▬ ▬▬▬▬ ▬▬ ▬▬▬
MASONIC HOTEL,
▬▬▬ ▬▬▬▬ ▬▬ ▬▬▬▬▬ ▬▬▬ ▬▬▬▬ ▬▬ ▬▬▬▬▬ ▬▬▬ ▬▬▬▬ ▬▬ ▬▬▬▬▬▬ ▬▬▬▬ ▬▬ ▬▬▬▬▬ ▬▬▬ ▬▬▬▬ ▬▬ ▬▬▬▬▬ ▬▬▬ ▬▬▬▬ ▬▬ ▬▬▬▬▬▬ ▬▬▬▬ ▬▬ ▬▬▬▬▬ ▬▬▬ ▬▬▬▬ ▬▬ ▬▬▬▬▬ ▬▬▬ ▬▬▬▬ ▬▬ ▬▬▬
BRITISH HOTEL,
▬▬▬ ▬▬▬▬ ▬▬ ▬▬▬▬▬ ▬▬▬ ▬▬▬▬ ▬▬ ▬▬▬▬▬ ▬▬▬ ▬▬▬▬ ▬▬ ▬▬▬▬▬▬ ▬▬▬▬ ▬▬ ▬▬▬▬▬ ▬▬▬ ▬▬▬▬ ▬▬ ▬▬▬▬▬ ▬▬▬ ▬▬▬▬ ▬▬ ▬▬▬▬▬▬ ▬▬▬▬ ▬▬ ▬▬▬▬▬ ▬▬▬ ▬▬▬▬ ▬▬ ▬▬▬▬▬ ▬▬▬ ▬▬▬▬ ▬▬ ▬▬▬
WAIHOU HOTEL,
▬▬▬ ▬▬▬▬ ▬▬ ▬▬▬▬▬ ▬▬▬ ▬▬▬▬ ▬▬ ▬▬▬▬▬ ▬▬▬ ▬▬▬▬ ▬▬ ▬▬▬▬▬▬ ▬▬▬▬ ▬▬ ▬▬▬▬▬ ▬▬▬ ▬▬▬▬ ▬▬ ▬▬▬▬▬ ▬▬▬ ▬▬▬▬ ▬▬ ▬▬▬▬▬▬ ▬▬▬▬ ▬▬ ▬▬▬▬▬ ▬▬▬ ▬▬▬▬ ▬▬ ▬▬▬▬▬ ▬▬▬ ▬▬▬▬ ▬▬ ▬▬▬
Oriental Lounge and Nevada Hotel,
▬▬▬ ▬▬▬▬ ▬▬ ▬▬▬▬▬ ▬▬▬ ▬▬▬▬ ▬▬ ▬▬▬▬▬ ▬▬▬ ▬▬▬▬ ▬▬ ▬▬▬▬▬▬ ▬▬▬▬ ▬▬ ▬▬▬▬▬ ▬▬▬ ▬▬▬▬ ▬▬ ▬▬▬▬▬ ▬▬▬ ▬▬▬▬ ▬▬ ▬▬▬▬▬▬ ▬▬▬▬ ▬▬ ▬▬▬▬▬ ▬▬▬ ▬▬▬▬ ▬▬ ▬▬▬▬▬ ▬▬▬ ▬▬▬▬ ▬▬ ▬▬▬
General Notices
JUST LANDED,
▬▬▬ ▬▬▬▬ ▬▬ ▬▬▬▬▬ ▬▬▬ ▬▬▬▬ ▬▬ ▬▬▬▬▬ ▬▬▬ ▬▬▬▬ ▬▬ ▬▬▬▬▬▬ ▬▬▬▬ ▬▬ ▬▬▬▬▬ ▬▬▬ ▬▬▬▬ ▬▬ ▬▬▬▬▬ ▬▬▬ ▬▬▬▬ ▬▬ ▬▬▬▬▬▬ ▬▬▬▬ ▬▬ ▬▬▬▬▬ ▬▬▬ ▬▬▬▬ ▬▬ ▬▬▬▬▬ ▬▬▬ ▬▬▬▬ ▬▬ ▬▬▬
80
▬▬▬ ▬▬▬▬ ▬▬ ▬▬▬▬▬ ▬▬▬ ▬▬▬▬ ▬▬ ▬▬▬▬▬ ▬▬▬ ▬▬▬▬ ▬▬ ▬▬▬▬▬▬ ▬▬▬▬ ▬▬ ▬▬▬▬▬ ▬▬▬ ▬▬▬▬ ▬▬ ▬▬▬▬▬ ▬▬▬ ▬▬▬▬ ▬▬ ▬▬▬▬▬▬ ▬▬▬▬ ▬▬ ▬▬▬▬▬ ▬▬▬ ▬▬▬▬ ▬▬ ▬▬▬▬▬ ▬▬▬ ▬▬▬▬ ▬▬ ▬▬▬
Oranges and Apples
▬▬▬ ▬▬▬▬ ▬▬ ▬▬▬▬▬ ▬▬▬ ▬▬▬▬ ▬▬ ▬▬▬▬▬ ▬▬▬ ▬▬▬▬ ▬▬ ▬▬▬▬▬▬ ▬▬▬▬ ▬▬ ▬▬▬▬▬ ▬▬▬ ▬▬▬▬ ▬▬ ▬▬▬▬▬ ▬▬▬ ▬▬▬▬ ▬▬ ▬▬▬▬▬▬ ▬▬▬▬ ▬▬ ▬▬▬▬▬ ▬▬▬ ▬▬▬▬ ▬▬ ▬▬▬▬▬ ▬▬▬ ▬▬▬▬ ▬▬ ▬▬▬
W. WOOD'S
▬▬▬ ▬▬▬▬ ▬▬ ▬▬▬▬▬ ▬▬▬ ▬▬▬▬ ▬▬ ▬▬▬▬▬ ▬▬▬ ▬▬▬▬ ▬▬ ▬▬▬▬▬▬ ▬▬▬▬ ▬▬ ▬▬▬▬▬ ▬▬▬ ▬▬▬▬ ▬▬ ▬▬▬▬▬ ▬▬▬ ▬▬▬▬ ▬▬ ▬▬▬▬▬▬ ▬▬▬▬ ▬▬ ▬▬▬▬▬ ▬▬▬ ▬▬▬▬ ▬▬ ▬▬▬▬▬ ▬▬▬ ▬▬▬▬ ▬▬ ▬▬▬
CENTRAL CHEAP MART,
▬▬▬ ▬▬▬▬ ▬▬ ▬▬▬▬▬ ▬▬▬ ▬▬▬▬ ▬▬ ▬▬▬▬▬ ▬▬▬ ▬▬▬▬ ▬▬ ▬▬▬▬▬▬ ▬▬▬▬ ▬▬ ▬▬▬▬▬ ▬▬▬ ▬▬▬▬ ▬▬ ▬▬▬▬▬ ▬▬▬ ▬▬▬▬ ▬▬ ▬▬▬▬▬▬ ▬▬▬▬ ▬▬ ▬▬▬▬▬ ▬▬▬ ▬▬▬▬ ▬▬ ▬▬▬▬▬ ▬▬▬ ▬▬▬▬ ▬▬ ▬▬▬
CHEAP PRICE LIST,
▬▬▬ ▬▬▬▬ ▬▬ ▬▬▬▬▬ ▬▬▬ ▬▬▬▬ ▬▬ ▬▬▬▬▬ ▬▬▬ ▬▬▬▬ ▬▬ ▬▬▬▬▬▬ ▬▬▬▬ ▬▬ ▬▬▬▬▬ ▬▬▬ ▬▬▬▬ ▬▬ ▬▬▬▬▬ ▬▬▬ ▬▬▬▬ ▬▬ ▬▬▬▬▬▬ ▬▬▬▬ ▬▬ ▬▬▬▬▬ ▬▬▬ ▬▬▬▬ ▬▬ ▬▬▬▬▬ ▬▬▬ ▬▬▬▬ ▬▬ ▬▬▬
BUTTER, Best Fresh.
▬▬▬ ▬▬▬▬ ▬▬ ▬▬▬▬▬ ▬▬▬ ▬▬▬▬ ▬▬ ▬▬▬▬▬ ▬▬▬ ▬▬▬▬ ▬▬ ▬▬▬▬▬▬ ▬▬▬▬ ▬▬ ▬▬▬▬▬ ▬▬▬ ▬▬▬▬ ▬▬ ▬▬▬▬▬ ▬▬▬ ▬▬▬▬ ▬▬ ▬▬▬▬▬▬ ▬▬▬▬ ▬▬ ▬▬▬▬▬ ▬▬▬ ▬▬▬▬ ▬▬ ▬▬▬▬▬ ▬▬▬ ▬▬▬▬ ▬▬ ▬▬▬
Salmon! Salmon!
▬▬▬ ▬▬▬▬ ▬▬ ▬▬▬▬▬ ▬▬▬ ▬▬▬▬ ▬▬ ▬▬▬▬▬ ▬▬▬ ▬▬▬▬ ▬▬ ▬▬▬▬▬▬ ▬▬▬▬ ▬▬ ▬▬▬▬▬ ▬▬▬ ▬▬▬▬ ▬▬ ▬▬▬▬▬ ▬▬▬ ▬▬▬▬ ▬▬ ▬▬▬▬▬▬ ▬▬▬▬ ▬▬ ▬▬▬▬▬ ▬▬▬ ▬▬▬▬ ▬▬ ▬▬▬▬▬ ▬▬▬ ▬▬▬▬ ▬▬ ▬▬▬
Sugar! Sugar!
▬▬▬ ▬▬▬▬ ▬▬ ▬▬▬▬▬ ▬▬▬ ▬▬▬▬ ▬▬ ▬▬▬▬▬ ▬▬▬ ▬▬▬▬ ▬▬ ▬▬▬▬▬▬ ▬▬▬▬ ▬▬ ▬▬▬▬▬ ▬▬▬ ▬▬▬▬ ▬▬ ▬▬▬▬▬ ▬▬▬ ▬▬▬▬ ▬▬ ▬▬▬▬▬▬ ▬▬▬▬ ▬▬ ▬▬▬▬▬ ▬▬▬ ▬▬▬▬ ▬▬ ▬▬▬▬▬ ▬▬▬ ▬▬▬▬ ▬▬ ▬▬▬
Teas—New Teas!
▬▬▬ ▬▬▬▬ ▬▬ ▬▬▬▬▬ ▬▬▬ ▬▬▬▬ ▬▬ ▬▬▬▬▬ ▬▬▬ ▬▬▬▬ ▬▬ ▬▬▬▬▬▬ ▬▬▬▬ ▬▬ ▬▬▬▬▬ ▬▬▬ ▬▬▬▬ ▬▬ ▬▬▬▬▬ ▬▬▬ ▬▬▬▬ ▬▬ ▬▬▬▬▬▬ ▬▬▬▬ ▬▬ ▬▬▬▬▬ ▬▬▬ ▬▬▬▬ ▬▬ ▬▬▬▬▬ ▬▬▬ ▬▬▬▬ ▬▬ ▬▬▬
Garden Seeds.
▬▬▬ ▬▬▬▬ ▬▬ ▬▬▬▬▬ ▬▬▬ ▬▬▬▬ ▬▬ ▬▬▬▬▬ ▬▬▬ ▬▬▬▬ ▬▬ ▬▬▬▬▬▬ ▬▬▬▬ ▬▬ ▬▬▬▬▬ ▬▬▬ ▬▬▬▬ ▬▬ ▬▬▬▬▬ ▬▬▬ ▬▬▬▬ ▬▬ ▬▬▬▬▬▬ ▬▬▬▬ ▬▬ ▬▬▬▬▬ ▬▬▬ ▬▬▬▬ ▬▬ ▬▬▬▬▬ ▬▬▬ ▬▬▬▬ ▬▬ ▬▬▬
BUCK WHEAT.
▬▬▬ ▬▬▬▬ ▬▬ ▬▬▬▬▬ ▬▬▬ ▬▬▬▬ ▬▬ ▬▬▬▬▬ ▬▬▬ ▬▬▬▬ ▬▬ ▬▬▬▬▬▬ ▬▬▬▬ ▬▬ ▬▬▬▬▬ ▬▬▬ ▬▬▬▬ ▬▬ ▬▬▬▬▬ ▬▬▬ ▬▬▬▬ ▬▬ ▬▬▬▬▬▬ ▬▬▬▬ ▬▬ ▬▬▬▬▬ ▬▬▬ ▬▬▬▬ ▬▬ ▬▬▬▬▬ ▬▬▬ ▬▬▬▬ ▬▬ ▬▬▬
Gardening.
▬▬▬ ▬▬▬▬ ▬▬ ▬▬▬▬▬ ▬▬▬ ▬▬▬▬ ▬▬ ▬▬▬▬▬ ▬▬▬ ▬▬▬▬ ▬▬ ▬▬▬▬▬▬ ▬▬▬▬ ▬▬ ▬▬▬▬▬ ▬▬▬ ▬▬▬▬ ▬▬ ▬▬▬▬▬ ▬▬▬ ▬▬▬▬ ▬▬ ▬▬▬▬▬▬ ▬▬▬▬ ▬▬ ▬▬▬▬▬ ▬▬▬ ▬▬▬▬ ▬▬ ▬▬▬▬▬ ▬▬▬ ▬▬▬▬ ▬▬ ▬▬▬
